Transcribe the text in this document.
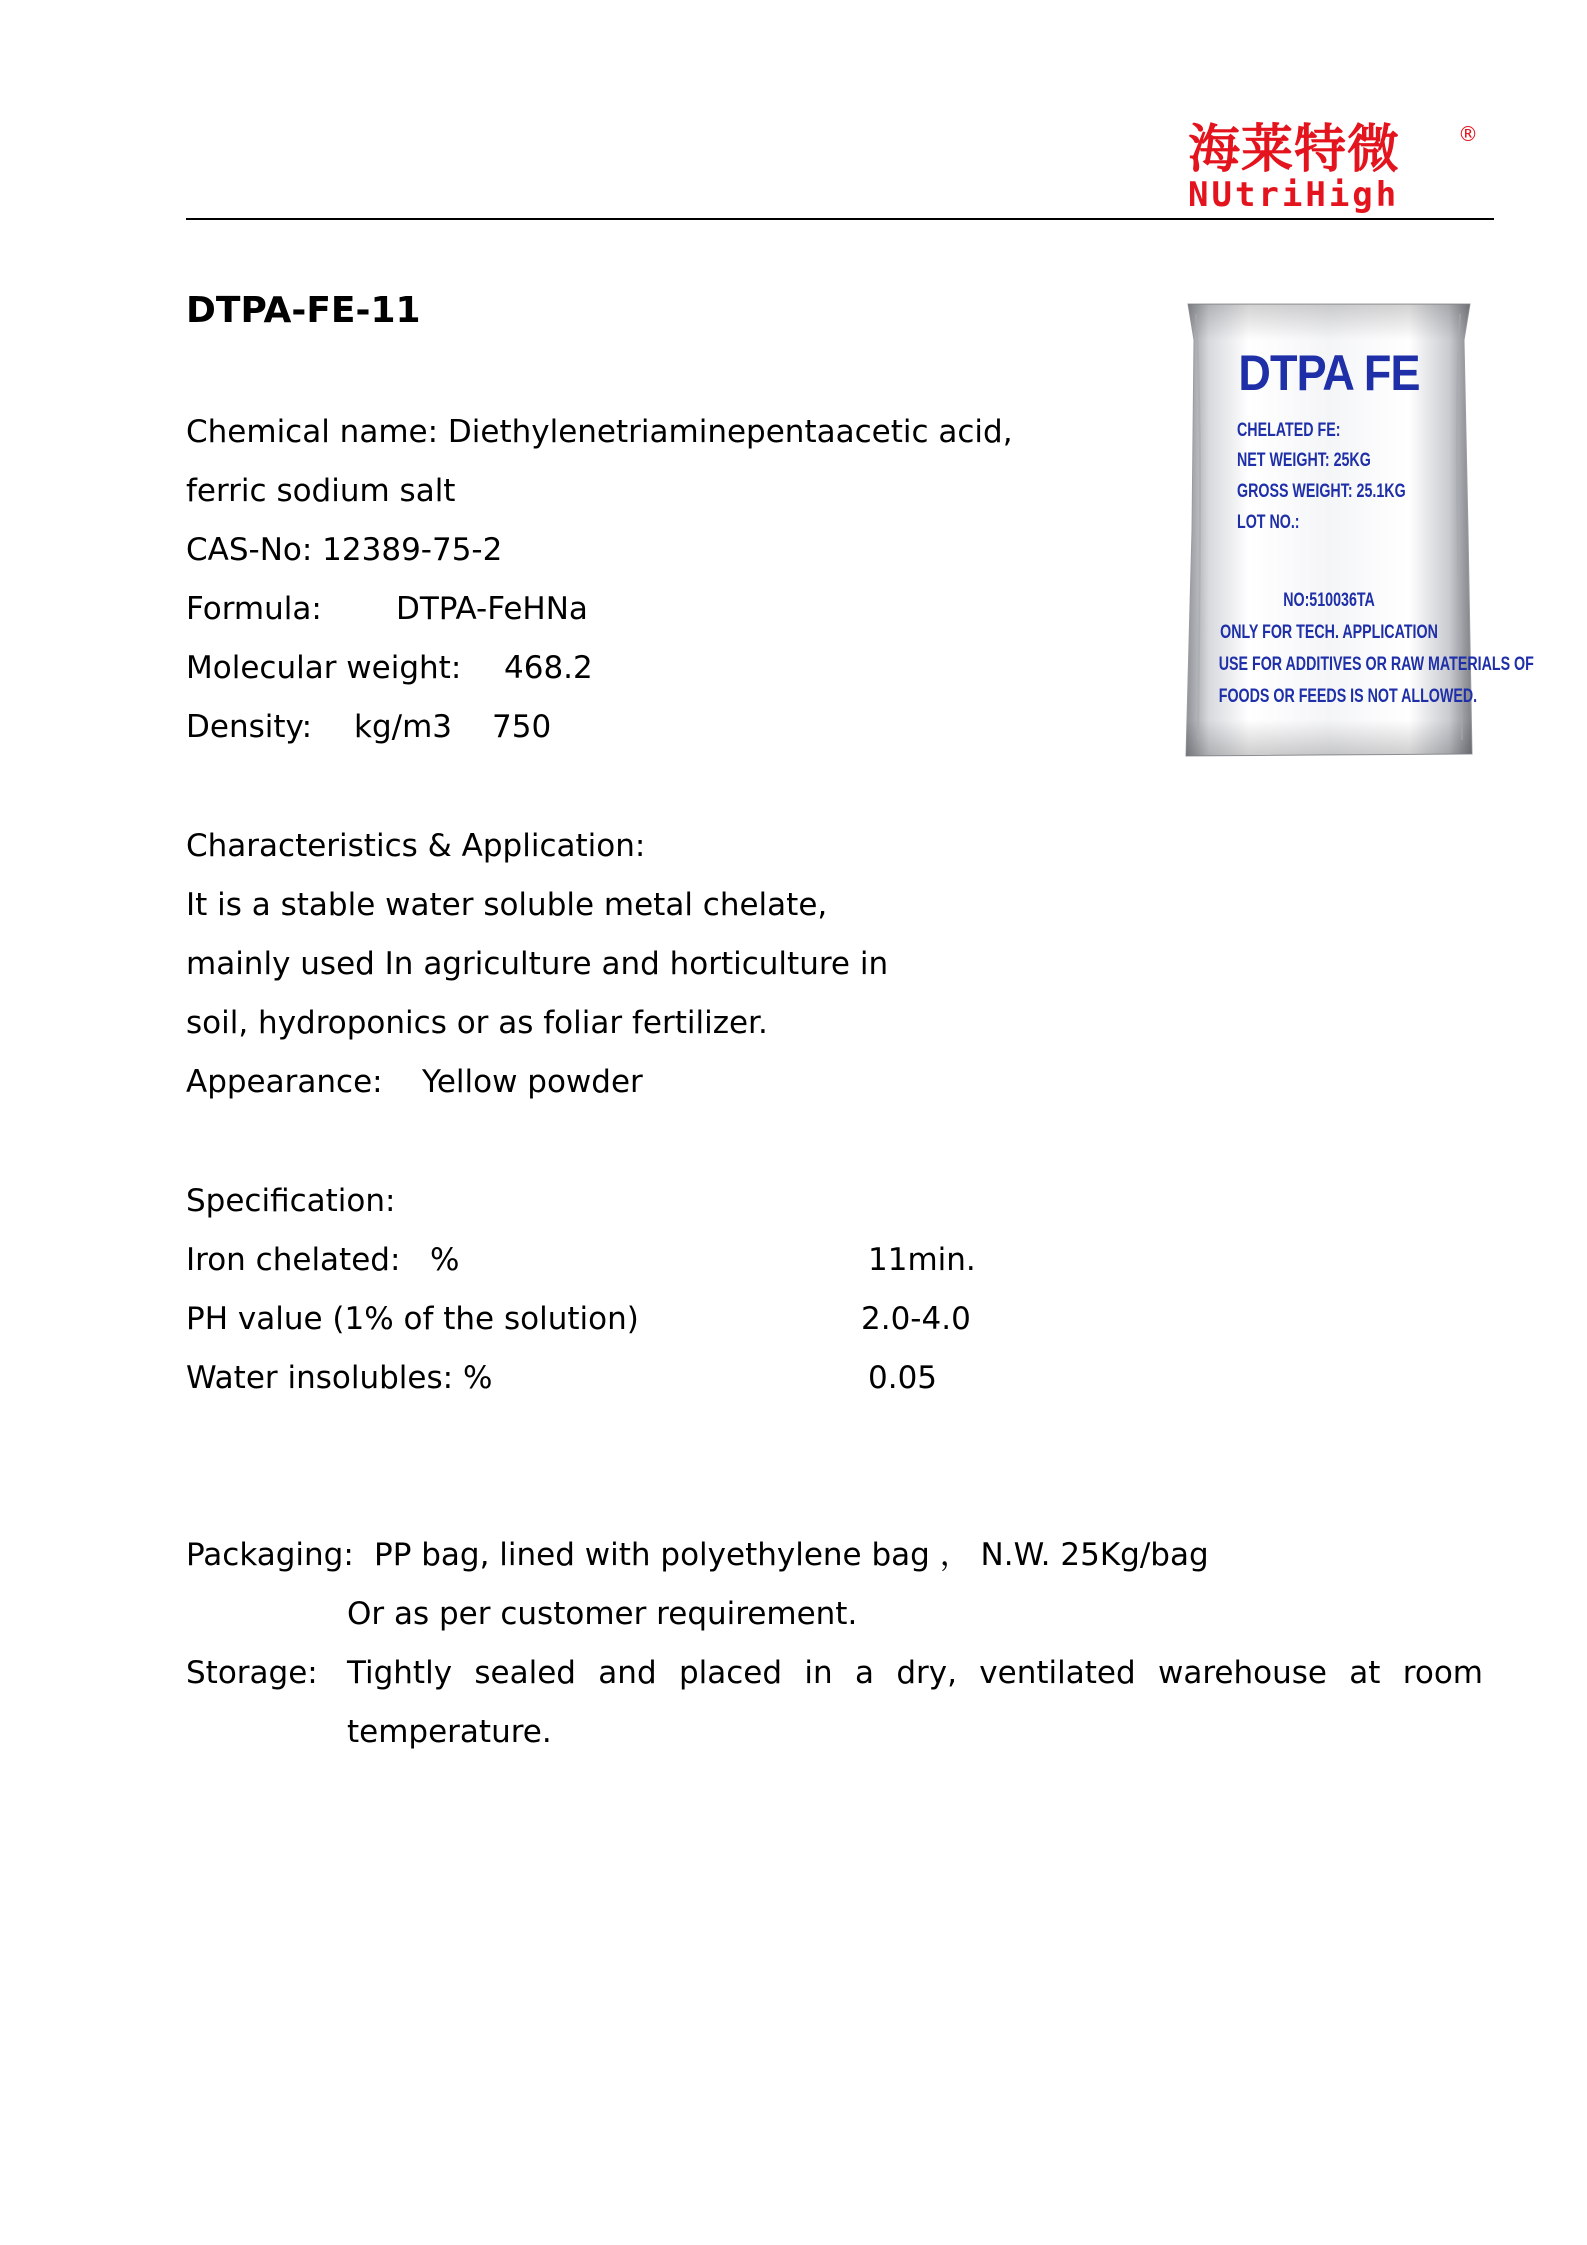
海莱特微	®
NUtriHigh
DTPA-FE-11
Chemical name: Diethylenetriaminepentaacetic acid,
ferric sodium salt
CAS-No: 12389-75-2
Formula: DTPA-FeHNa
Molecular weight: 468.2
Density: kg/m3 750
Characteristics & Application:
It is a stable water soluble metal chelate,
mainly used In agriculture and horticulture in
soil, hydroponics or as foliar fertilizer.
Appearance: Yellow powder
Specification:
Iron chelated:   %	11min.
PH value (1% of the solution)	2.0-4.0
Water insolubles: %	0.05
Packaging: PP bag, lined with polyethylene bag ， N.W. 25Kg/bag
Or as per customer requirement.
Storage: Tightly sealed and placed in a dry, ventilated warehouse at room
temperature.
DTPA FE
CHELATED FE:
NET WEIGHT: 25KG
GROSS WEIGHT: 25.1KG
LOT NO.:
NO:510036TA
ONLY FOR TECH. APPLICATION
USE FOR ADDITIVES OR RAW MATERIALS OF
FOODS OR FEEDS IS NOT ALLOWED.
